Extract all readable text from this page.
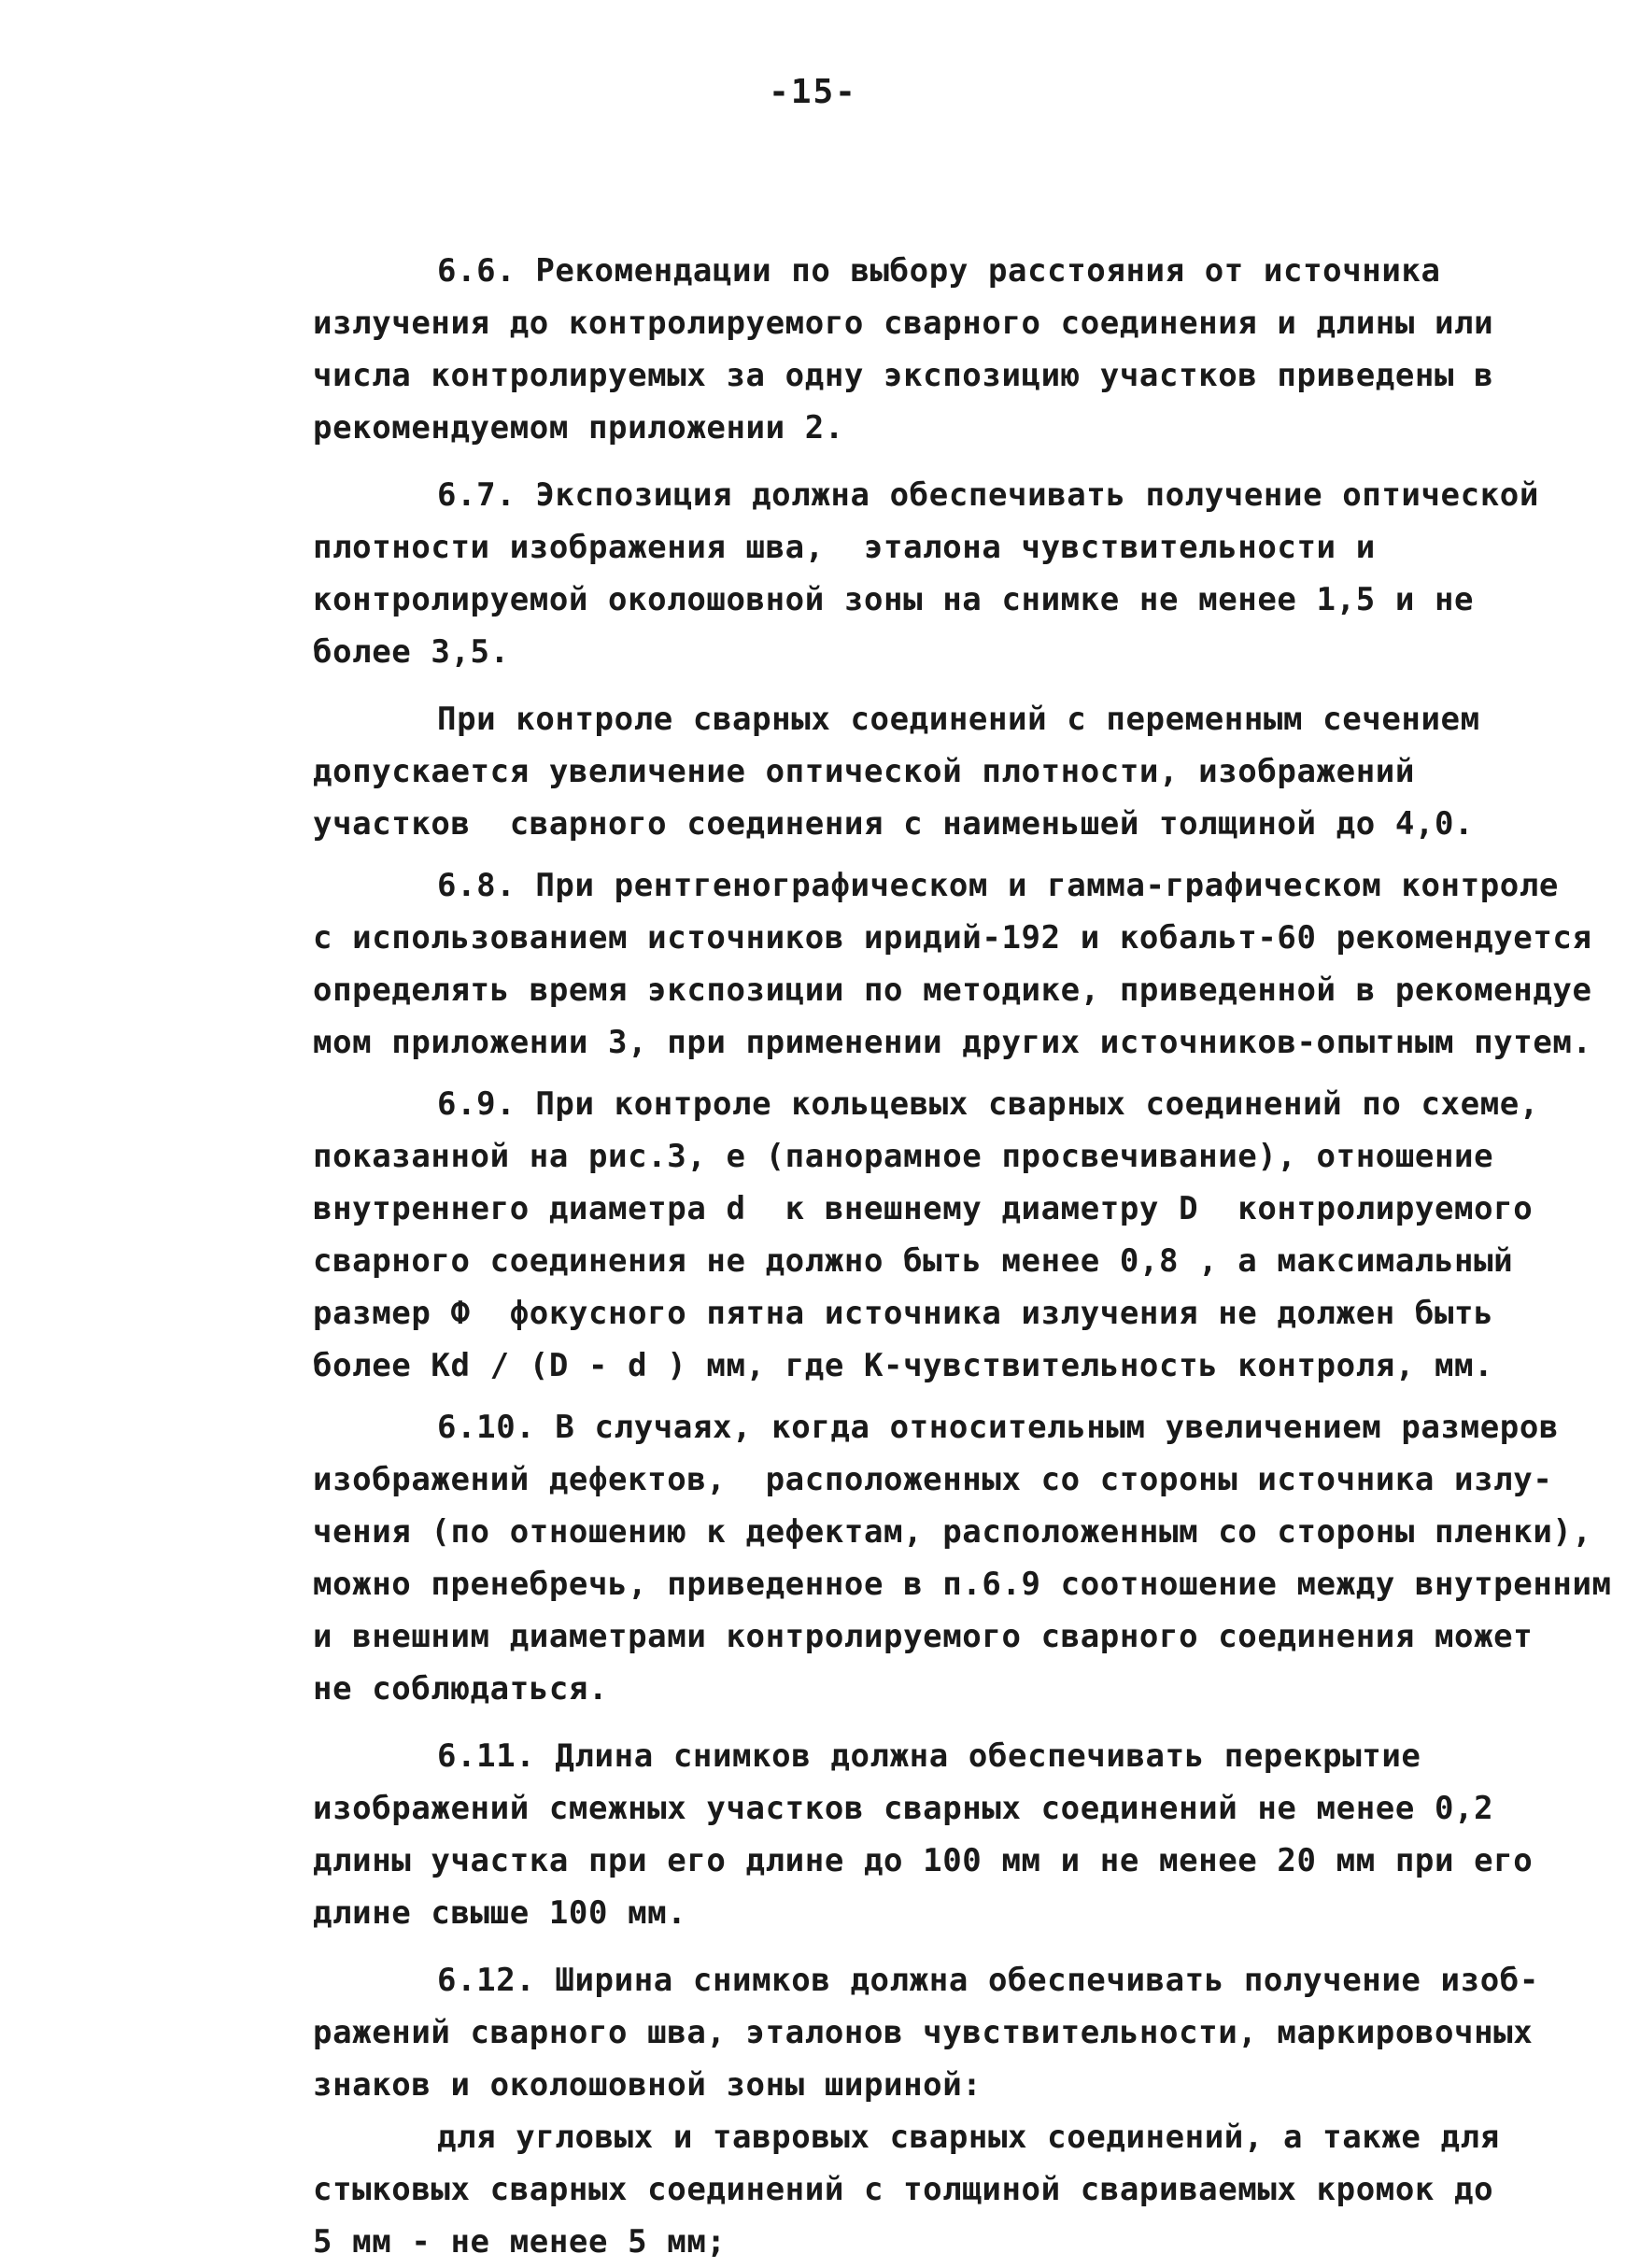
-15-
6.6. Рекомендации по выбору расстояния от источника
излучения до контролируемого сварного соединения и длины или
числа контролируемых за одну экспозицию участков приведены в
рекомендуемом приложении 2.
6.7. Экспозиция должна обеспечивать получение оптической
плотности изображения шва,  эталона чувствительности и
контролируемой околошовной зоны на снимке не менее 1,5 и не
более 3,5.
При контроле сварных соединений с переменным сечением
допускается увеличение оптической плотности, изображений
участков  сварного соединения с наименьшей толщиной до 4,0.
6.8. При рентгенографическом и гамма-графическом контроле
с использованием источников иридий-192 и кобальт-60 рекомендуется
определять время экспозиции по методике, приведенной в рекомендуе
мом приложении 3, при применении других источников-опытным путем.
6.9. При контроле кольцевых сварных соединений по схеме,
показанной на рис.3, е (панорамное просвечивание), отношение
внутреннего диаметра d  к внешнему диаметру D  контролируемого
сварного соединения не должно быть менее 0,8 , а максимальный
размер Ф  фокусного пятна источника излучения не должен быть
более Kd / (D - d ) мм, где К-чувствительность контроля, мм.
6.10. В случаях, когда относительным увеличением размеров
изображений дефектов,  расположенных со стороны источника излу-
чения (по отношению к дефектам, расположенным со стороны пленки),
можно пренебречь, приведенное в п.6.9 соотношение между внутренним
и внешним диаметрами контролируемого сварного соединения может
не соблюдаться.
6.11. Длина снимков должна обеспечивать перекрытие
изображений смежных участков сварных соединений не менее 0,2
длины участка при его длине до 100 мм и не менее 20 мм при его
длине свыше 100 мм.
6.12. Ширина снимков должна обеспечивать получение изоб-
ражений сварного шва, эталонов чувствительности, маркировочных
знаков и околошовной зоны шириной:
для угловых и тавровых сварных соединений, а также для
стыковых сварных соединений с толщиной свариваемых кромок до
5 мм - не менее 5 мм;
